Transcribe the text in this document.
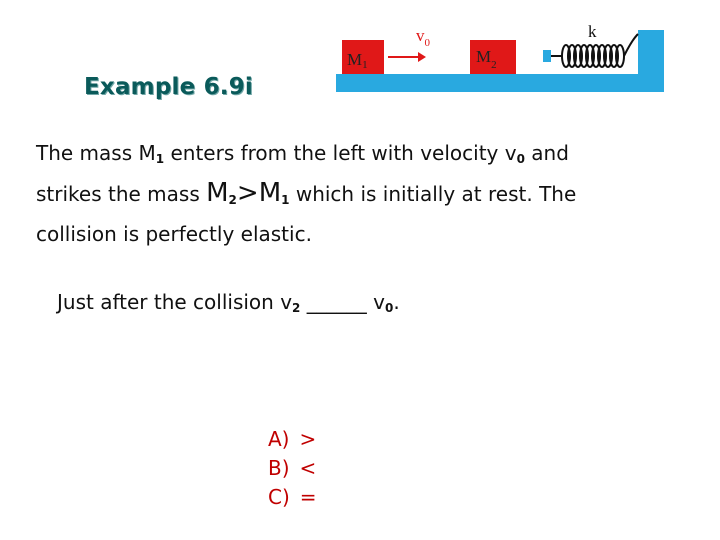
M1
$v_0$
$M_2$
k
Example 6.9i
The mass $M_1$ enters from the left with velocity $v_0$ and
strikes the mass $M_2>M_1$ which is initially at rest. The
collision is perfectly elastic.
Just after the collision $v_2$ ______ $v_0$.
A) >
B) <
C) =
